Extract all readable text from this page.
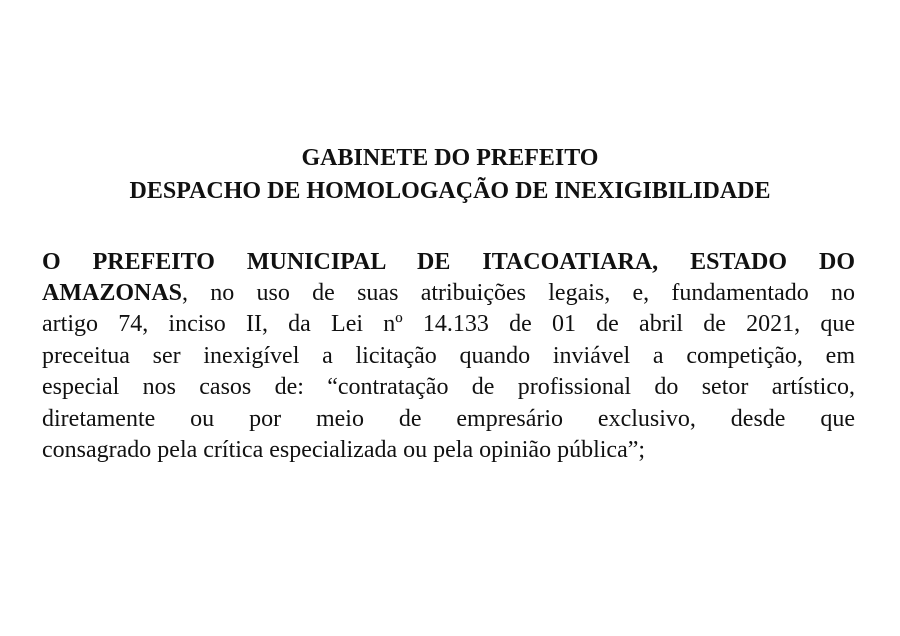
GABINETE DO PREFEITO
DESPACHO DE HOMOLOGAÇÃO DE INEXIGIBILIDADE
O PREFEITO MUNICIPAL DE ITACOATIARA, ESTADO DO
AMAZONAS, no uso de suas atribuições legais, e, fundamentado no
artigo 74, inciso II, da Lei nº 14.133 de 01 de abril de 2021, que
preceitua ser inexigível a licitação quando inviável a competição, em
especial nos casos de: “contratação de profissional do setor artístico,
diretamente ou por meio de empresário exclusivo, desde que
consagrado pela crítica especializada ou pela opinião pública”;
